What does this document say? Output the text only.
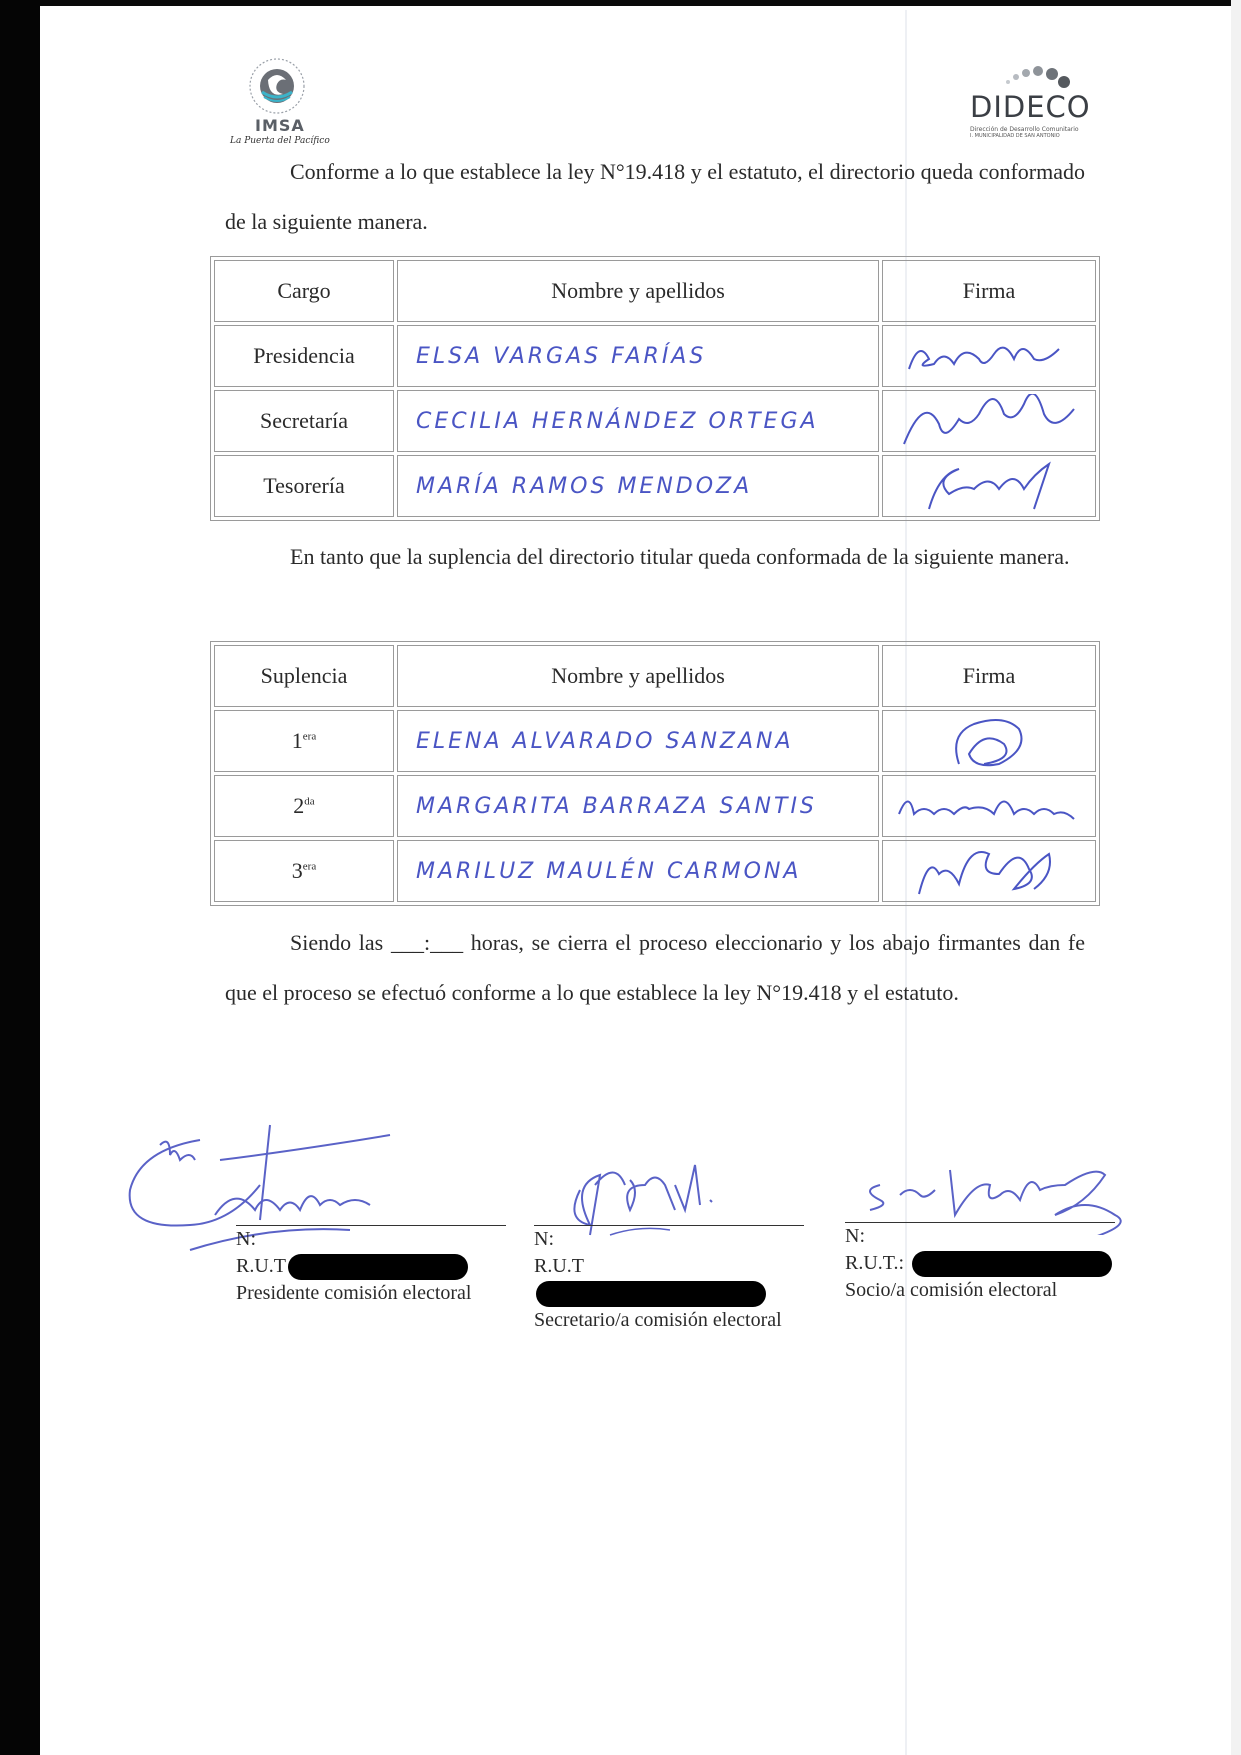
IMSA
La Puerta del Pacífico
DIDECO
Dirección de Desarrollo Comunitario
I. MUNICIPALIDAD DE SAN ANTONIO
Conforme a lo que establece la ley N°19.418 y el estatuto, el directorio queda conformado de la siguiente manera.
Cargo	Nombre y apellidos	Firma
Presidencia	ELSA VARGAS FARÍAS	

Secretaría	CECILIA HERNÁNDEZ ORTEGA	

Tesorería	MARÍA RAMOS MENDOZA	
En tanto que la suplencia del directorio titular queda conformada de la siguiente manera.
Suplencia	Nombre y apellidos	Firma
$1^{era}$	ELENA ALVARADO SANZANA	

$2^{da}$	MARGARITA BARRAZA SANTIS	

$3^{era}$	MARILUZ MAULÉN CARMONA	
Siendo las ___:___ horas, se cierra el proceso eleccionario y los abajo firmantes dan fe que el proceso se efectuó conforme a lo que establece la ley N°19.418 y el estatuto.
N:
R.U.T
Presidente comisión electoral
N:
R.U.T
Secretario/a comisión electoral
N:
R.U.T.:
Socio/a comisión electoral
